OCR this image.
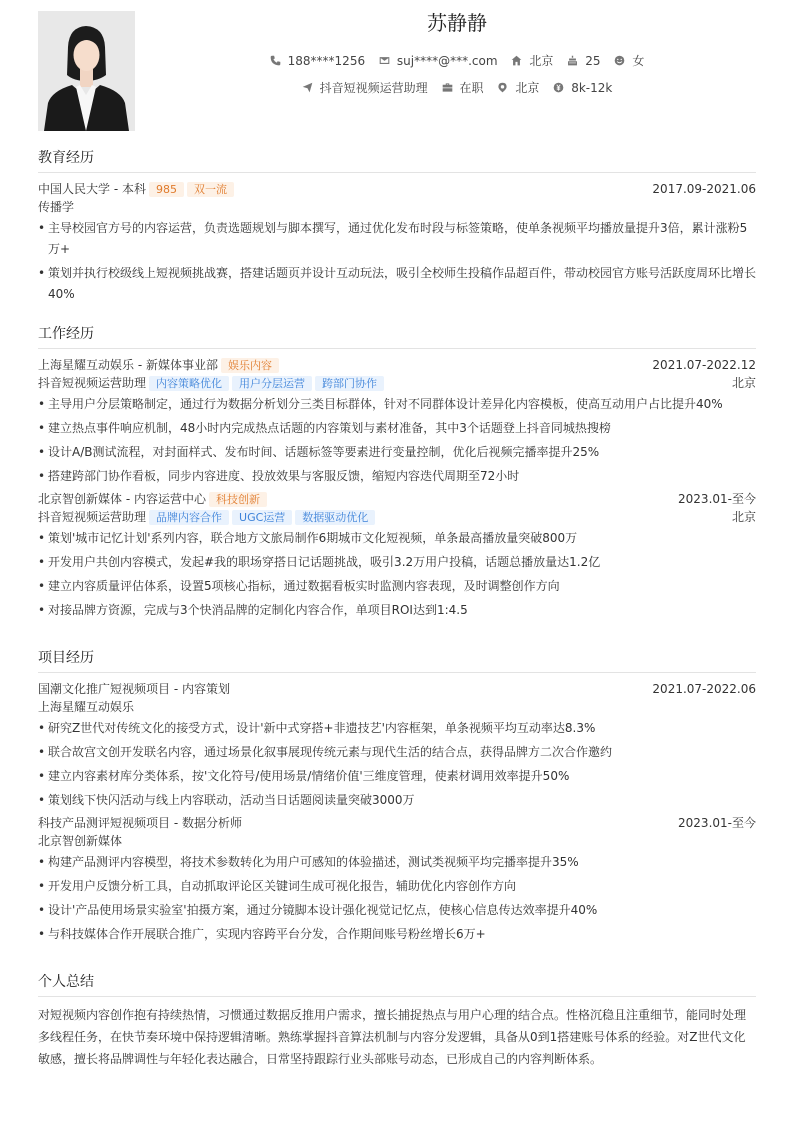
苏静静
188****1256	suj****@***.com	北京	25	女
抖音短视频运营助理	在职	北京	8k-12k
教育经历
中国人民大学 - 本科 985 双一流	2017.09-2021.06
传播学
• 主导校园官方号的内容运营，负责选题规划与脚本撰写，通过优化发布时段与标签策略，使单条视频平均播放量提升3倍，累计涨粉5万+
• 策划并执行校级线上短视频挑战赛，搭建话题页并设计互动玩法，吸引全校师生投稿作品超百件，带动校园官方账号活跃度周环比增长40%
工作经历
上海星耀互动娱乐 - 新媒体事业部 娱乐内容	2021.07-2022.12
抖音短视频运营助理 内容策略优化 用户分层运营 跨部门协作	北京
• 主导用户分层策略制定，通过行为数据分析划分三类目标群体，针对不同群体设计差异化内容模板，使高互动用户占比提升40%
• 建立热点事件响应机制，48小时内完成热点话题的内容策划与素材准备，其中3个话题登上抖音同城热搜榜
• 设计A/B测试流程，对封面样式、发布时间、话题标签等要素进行变量控制，优化后视频完播率提升25%
• 搭建跨部门协作看板，同步内容进度、投放效果与客服反馈，缩短内容迭代周期至72小时
北京智创新媒体 - 内容运营中心 科技创新	2023.01-至今
抖音短视频运营助理 品牌内容合作 UGC运营 数据驱动优化	北京
• 策划'城市记忆计划'系列内容，联合地方文旅局制作6期城市文化短视频，单条最高播放量突破800万
• 开发用户共创内容模式，发起#我的职场穿搭日记话题挑战，吸引3.2万用户投稿，话题总播放量达1.2亿
• 建立内容质量评估体系，设置5项核心指标，通过数据看板实时监测内容表现，及时调整创作方向
• 对接品牌方资源，完成与3个快消品牌的定制化内容合作，单项目ROI达到1:4.5
项目经历
国潮文化推广短视频项目 - 内容策划	2021.07-2022.06
上海星耀互动娱乐
• 研究Z世代对传统文化的接受方式，设计'新中式穿搭+非遗技艺'内容框架，单条视频平均互动率达8.3%
• 联合故宫文创开发联名内容，通过场景化叙事展现传统元素与现代生活的结合点，获得品牌方二次合作邀约
• 建立内容素材库分类体系，按'文化符号/使用场景/情绪价值'三维度管理，使素材调用效率提升50%
• 策划线下快闪活动与线上内容联动，活动当日话题阅读量突破3000万
科技产品测评短视频项目 - 数据分析师	2023.01-至今
北京智创新媒体
• 构建产品测评内容模型，将技术参数转化为用户可感知的体验描述，测试类视频平均完播率提升35%
• 开发用户反馈分析工具，自动抓取评论区关键词生成可视化报告，辅助优化内容创作方向
• 设计'产品使用场景实验室'拍摄方案，通过分镜脚本设计强化视觉记忆点，使核心信息传达效率提升40%
• 与科技媒体合作开展联合推广，实现内容跨平台分发，合作期间账号粉丝增长6万+
个人总结
对短视频内容创作抱有持续热情，习惯通过数据反推用户需求，擅长捕捉热点与用户心理的结合点。性格沉稳且注重细节，能同时处理多线程任务，在快节奏环境中保持逻辑清晰。熟练掌握抖音算法机制与内容分发逻辑，具备从0到1搭建账号体系的经验。对Z世代文化敏感，擅长将品牌调性与年轻化表达融合，日常坚持跟踪行业头部账号动态，已形成自己的内容判断体系。
